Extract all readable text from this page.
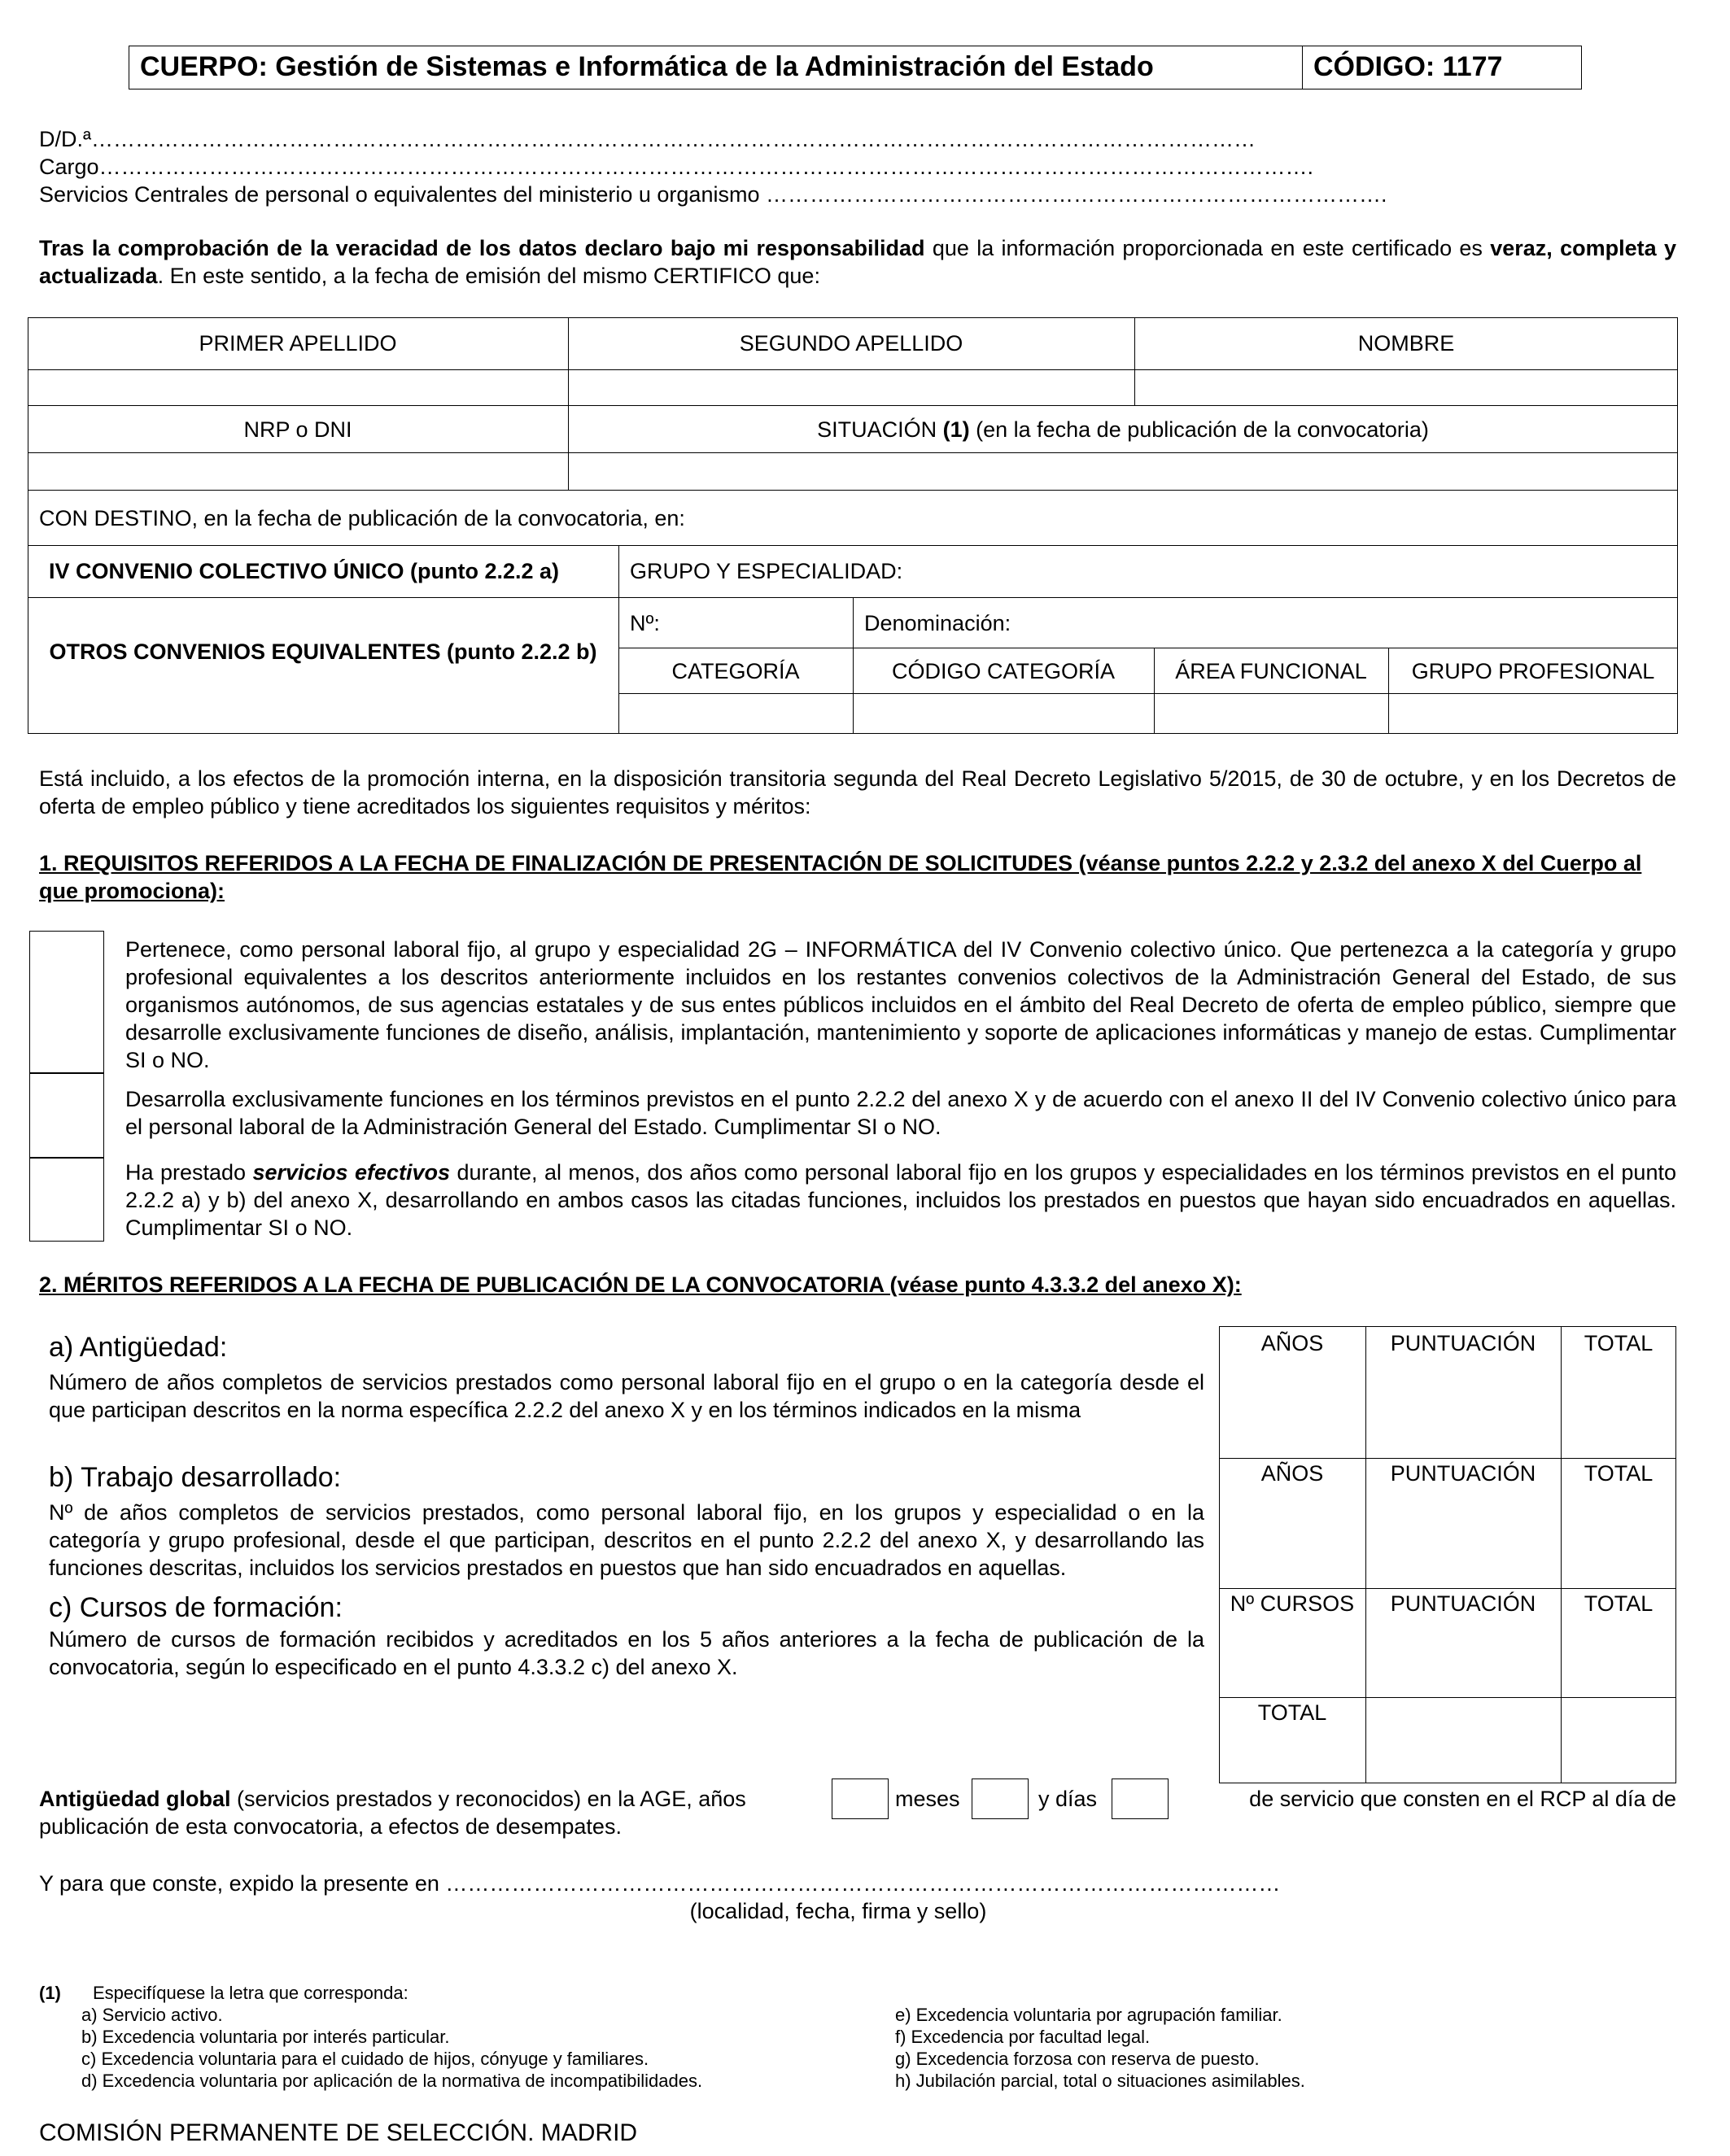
CUERPO: Gestión de Sistemas e Informática de la Administración del Estado	CÓDIGO: 1177
D/D.ª……………………………………………………………………………………………………………………………………………
Cargo………………………………………………………………………………………………………………………………………………….
Servicios Centrales de personal o equivalentes del ministerio u organismo ………………………………………………………………………….
Tras la comprobación de la veracidad de los datos declaro bajo mi responsabilidad que la información proporcionada en este certificado es veraz, completa y actualizada. En este sentido, a la fecha de emisión del mismo CERTIFICO que:
PRIMER APELLIDO	SEGUNDO APELLIDO	NOMBRE
NRP o DNI	SITUACIÓN (1) (en la fecha de publicación de la convocatoria)
CON DESTINO, en la fecha de publicación de la convocatoria, en:
IV CONVENIO COLECTIVO ÚNICO (punto 2.2.2 a)	GRUPO Y ESPECIALIDAD:
OTROS CONVENIOS EQUIVALENTES (punto 2.2.2 b)
Nº:	Denominación:
CATEGORÍA	CÓDIGO CATEGORÍA	ÁREA FUNCIONAL	GRUPO PROFESIONAL
Está incluido, a los efectos de la promoción interna, en la disposición transitoria segunda del Real Decreto Legislativo 5/2015, de 30 de octubre, y en los Decretos de oferta de empleo público y tiene acreditados los siguientes requisitos y méritos:
1. REQUISITOS REFERIDOS A LA FECHA DE FINALIZACIÓN DE PRESENTACIÓN DE SOLICITUDES (véanse puntos 2.2.2 y 2.3.2 del anexo X del Cuerpo al que promociona):
Pertenece, como personal laboral fijo, al grupo y especialidad 2G – INFORMÁTICA del IV Convenio colectivo único. Que pertenezca a la categoría y grupo profesional equivalentes a los descritos anteriormente incluidos en los restantes convenios colectivos de la Administración General del Estado, de sus organismos autónomos, de sus agencias estatales y de sus entes públicos incluidos en el ámbito del Real Decreto de oferta de empleo público, siempre que desarrolle exclusivamente funciones de diseño, análisis, implantación, mantenimiento y soporte de aplicaciones informáticas y manejo de estas. Cumplimentar SI o NO.
Desarrolla exclusivamente funciones en los términos previstos en el punto 2.2.2 del anexo X y de acuerdo con el anexo II del IV Convenio colectivo único para el personal laboral de la Administración General del Estado. Cumplimentar SI o NO.
Ha prestado servicios efectivos durante, al menos, dos años como personal laboral fijo en los grupos y especialidades en los términos previstos en el punto 2.2.2 a) y b) del anexo X, desarrollando en ambos casos las citadas funciones, incluidos los prestados en puestos que hayan sido encuadrados en aquellas. Cumplimentar SI o NO.
2. MÉRITOS REFERIDOS A LA FECHA DE PUBLICACIÓN DE LA CONVOCATORIA (véase punto 4.3.3.2 del anexo X):
a) Antigüedad:
Número de años completos de servicios prestados como personal laboral fijo en el grupo o en la categoría desde el que participan descritos en la norma específica 2.2.2 del anexo X y en los términos indicados en la misma
b) Trabajo desarrollado:
Nº de años completos de servicios prestados, como personal laboral fijo, en los grupos y especialidad o en la categoría y grupo profesional, desde el que participan, descritos en el punto 2.2.2 del anexo X, y desarrollando las funciones descritas, incluidos los servicios prestados en puestos que han sido encuadrados en aquellas.
c) Cursos de formación:
Número de cursos de formación recibidos y acreditados en los 5 años anteriores a la fecha de publicación de la convocatoria, según lo especificado en el punto 4.3.3.2 c) del anexo X.
AÑOS	PUNTUACIÓN	TOTAL
AÑOS	PUNTUACIÓN	TOTAL
Nº CURSOS	PUNTUACIÓN	TOTAL
TOTAL
Antigüedad global (servicios prestados y reconocidos) en la AGE, años	meses	y días	de servicio que consten en el RCP al día de
publicación de esta convocatoria, a efectos de desempates.
Y para que conste, expido la presente en ……………………………………………………………………………………………………
(localidad, fecha, firma y sello)
(1) Especifíquese la letra que corresponda:
a) Servicio activo.
b) Excedencia voluntaria por interés particular.
c) Excedencia voluntaria para el cuidado de hijos, cónyuge y familiares.
d) Excedencia voluntaria por aplicación de la normativa de incompatibilidades.
e) Excedencia voluntaria por agrupación familiar.
f) Excedencia por facultad legal.
g) Excedencia forzosa con reserva de puesto.
h) Jubilación parcial, total o situaciones asimilables.
COMISIÓN PERMANENTE DE SELECCIÓN. MADRID
